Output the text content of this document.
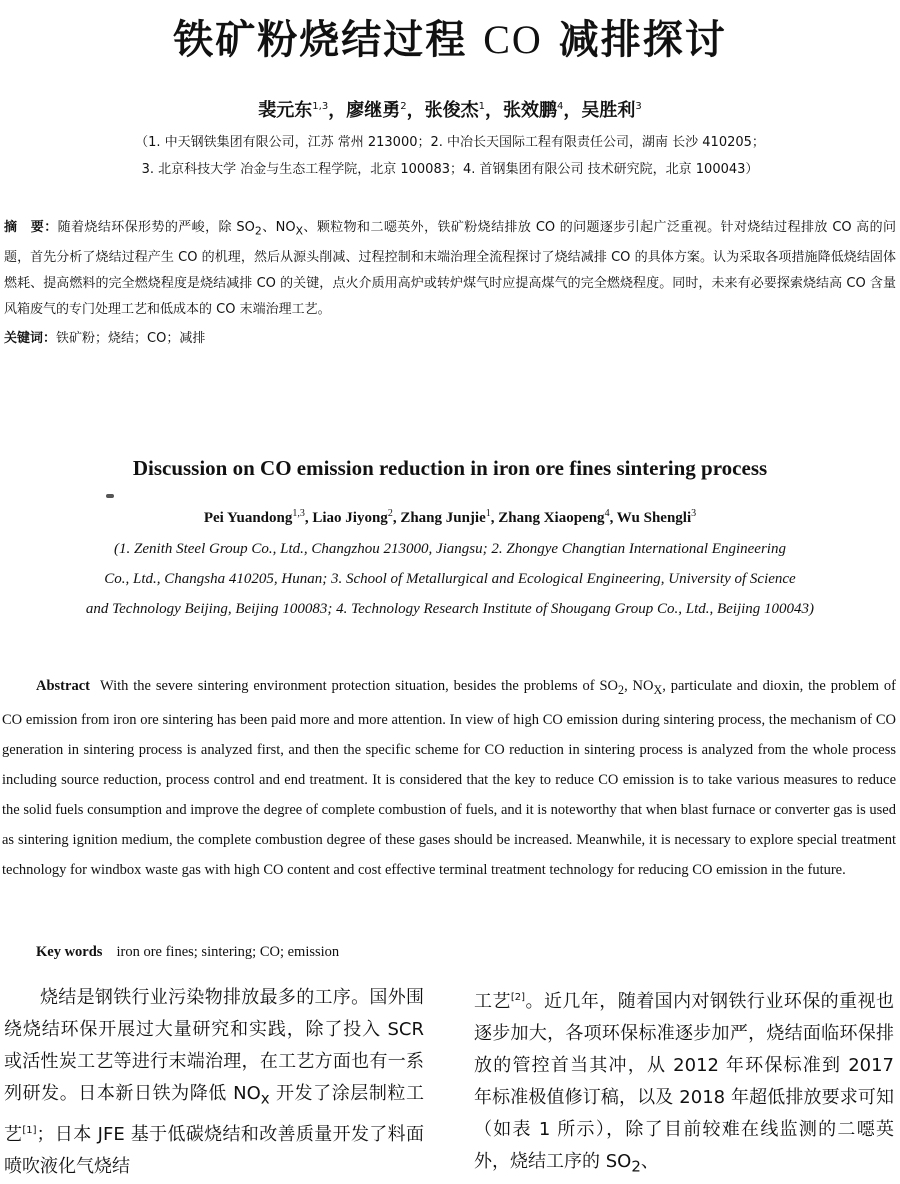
铁矿粉烧结过程 CO 减排探讨
裴元东$^{1,3}$，廖继勇$^2$，张俊杰$^1$，张效鹏$^4$，吴胜利$^3$
（1. 中天钢铁集团有限公司，江苏 常州 213000；2. 中冶长天国际工程有限责任公司，湖南 长沙 410205；
3. 北京科技大学 冶金与生态工程学院，北京 100083；4. 首钢集团有限公司 技术研究院，北京 100043）
摘　要：随着烧结环保形势的严峻，除 $SO_2$、$NO_X$、颗粒物和二噁英外，铁矿粉烧结排放 CO 的问题逐步引起广泛重视。针对烧结过程排放 CO 高的问题，首先分析了烧结过程产生 CO 的机理，然后从源头削减、过程控制和末端治理全流程探讨了烧结减排 CO 的具体方案。认为采取各项措施降低烧结固体燃耗、提高燃料的完全燃烧程度是烧结减排 CO 的关键，点火介质用高炉或转炉煤气时应提高煤气的完全燃烧程度。同时，未来有必要探索烧结高 CO 含量风箱废气的专门处理工艺和低成本的 CO 末端治理工艺。
关键词：铁矿粉；烧结；CO；减排
Discussion on CO emission reduction in iron ore fines sintering process
Pei Yuandong$^{1,3}$, Liao Jiyong$^2$, Zhang Junjie$^1$, Zhang Xiaopeng$^4$, Wu Shengli$^3$
(1. Zenith Steel Group Co., Ltd., Changzhou 213000, Jiangsu; 2. Zhongye Changtian International Engineering
Co., Ltd., Changsha 410205, Hunan; 3. School of Metallurgical and Ecological Engineering, University of Science
and Technology Beijing, Beijing 100083; 4. Technology Research Institute of Shougang Group Co., Ltd., Beijing 100043)

Abstract With the severe sintering environment protection situation, besides the problems of $SO_2$, $NO_X$, particulate and dioxin, the problem of CO emission from iron ore sintering has been paid more and more attention. In view of high CO emission during sintering process, the mechanism of CO generation in sintering process is analyzed first, and then the specific scheme for CO reduction in sintering process is analyzed from the whole process including source reduction, process control and end treatment. It is considered that the key to reduce CO emission is to take various measures to reduce the solid fuels consumption and improve the degree of complete combustion of fuels, and it is noteworthy that when blast furnace or converter gas is used as sintering ignition medium, the complete combustion degree of these gases should be increased. Meanwhile, it is necessary to explore special treatment technology for windbox waste gas with high CO content and cost effective terminal treatment technology for reducing CO emission in the future.

Key words iron ore fines; sintering; CO; emission
烧结是钢铁行业污染物排放最多的工序。国外围绕烧结环保开展过大量研究和实践，除了投入 SCR 或活性炭工艺等进行末端治理，在工艺方面也有一系列研发。日本新日铁为降低 $NO_x$ 开发了涂层制粒工艺[1]；日本 JFE 基于低碳烧结和改善质量开发了料面喷吹液化气烧结
工艺[2]。近几年，随着国内对钢铁行业环保的重视也逐步加大，各项环保标准逐步加严，烧结面临环保排放的管控首当其冲，从 2012 年环保标准到 2017 年标准极值修订稿，以及 2018 年超低排放要求可知（如表 1 所示），除了目前较难在线监测的二噁英外，烧结工序的 $SO_2$、
